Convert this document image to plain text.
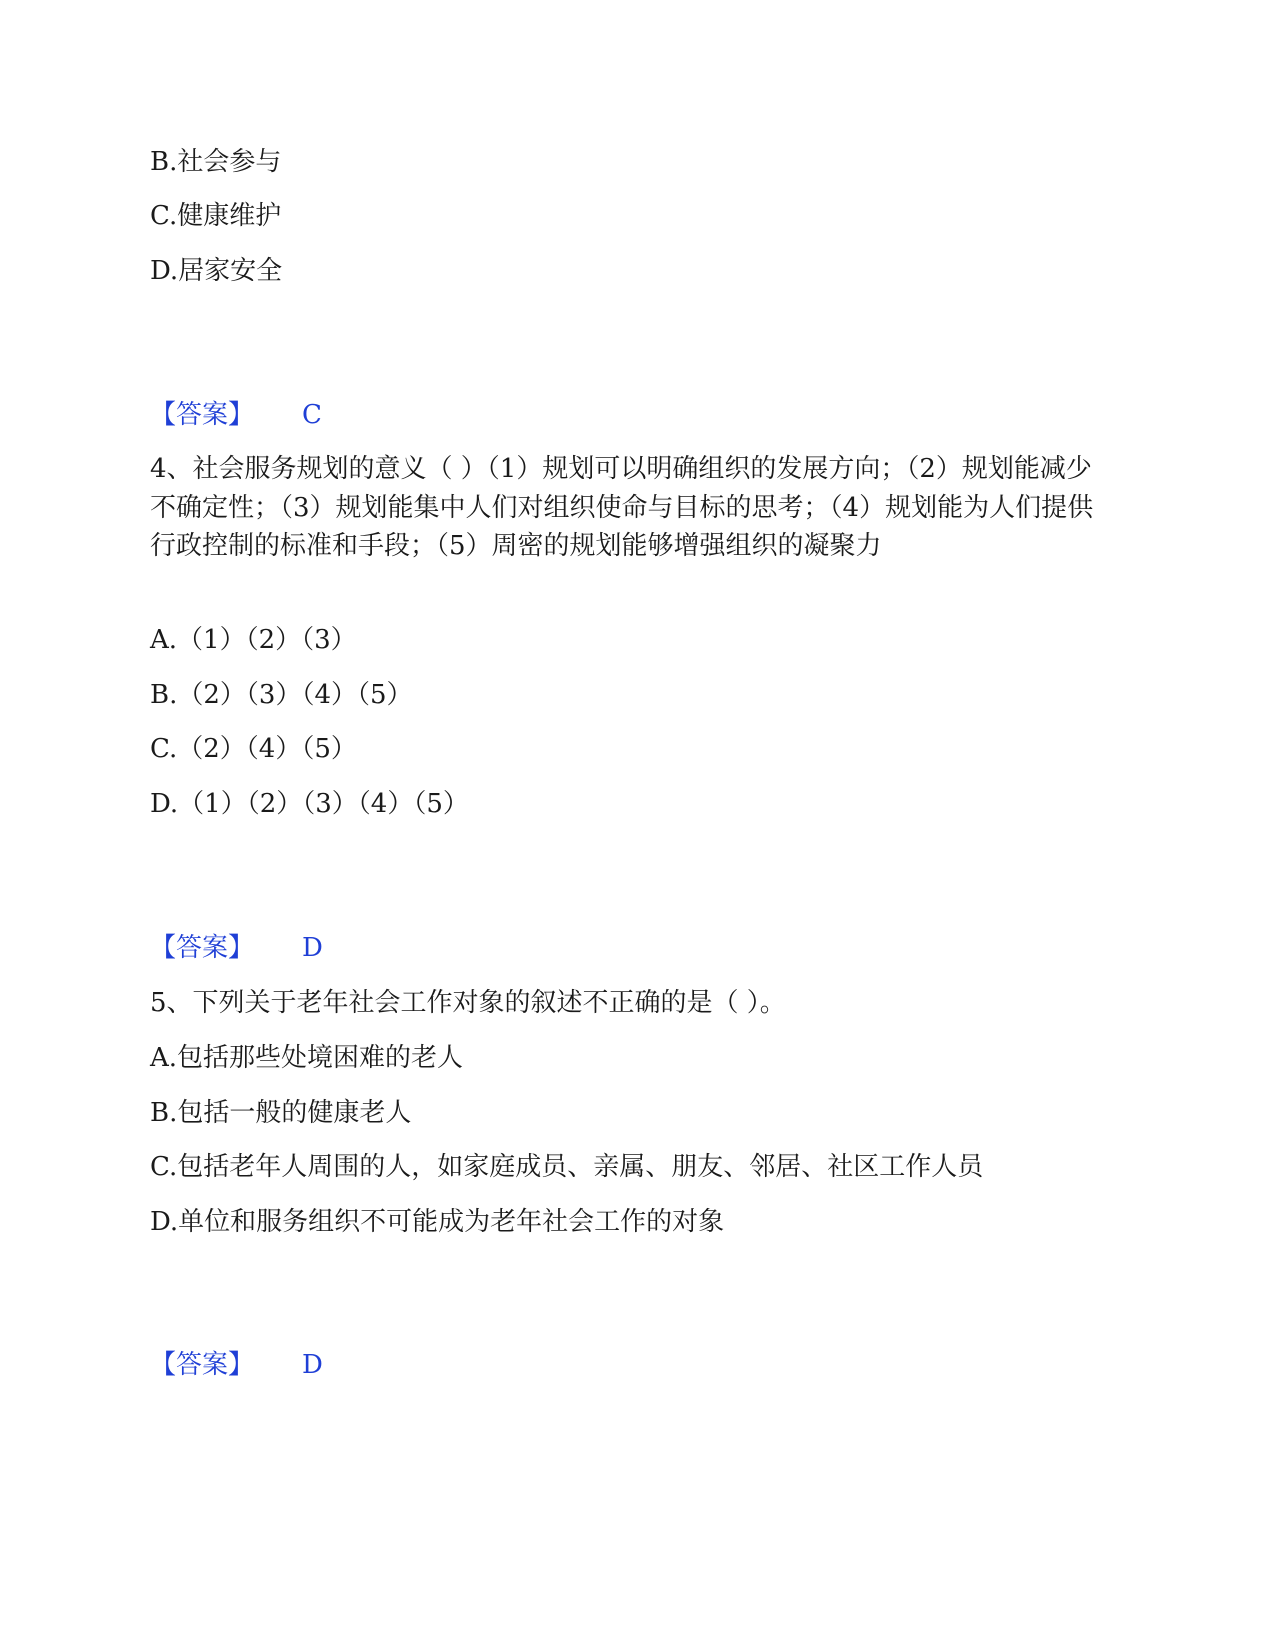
B.社会参与
C.健康维护
D.居家安全
【答案】 C
4、社会服务规划的意义（ ）（1）规划可以明确组织的发展方向；（2）规划能减少不确定性；（3）规划能集中人们对组织使命与目标的思考；（4）规划能为人们提供行政控制的标准和手段；（5）周密的规划能够增强组织的凝聚力
A.（1）（2）（3）
B.（2）（3）（4）（5）
C.（2）（4）（5）
D.（1）（2）（3）（4）（5）
【答案】 D
5、下列关于老年社会工作对象的叙述不正确的是（ ）。
A.包括那些处境困难的老人
B.包括一般的健康老人
C.包括老年人周围的人，如家庭成员、亲属、朋友、邻居、社区工作人员
D.单位和服务组织不可能成为老年社会工作的对象
【答案】 D
